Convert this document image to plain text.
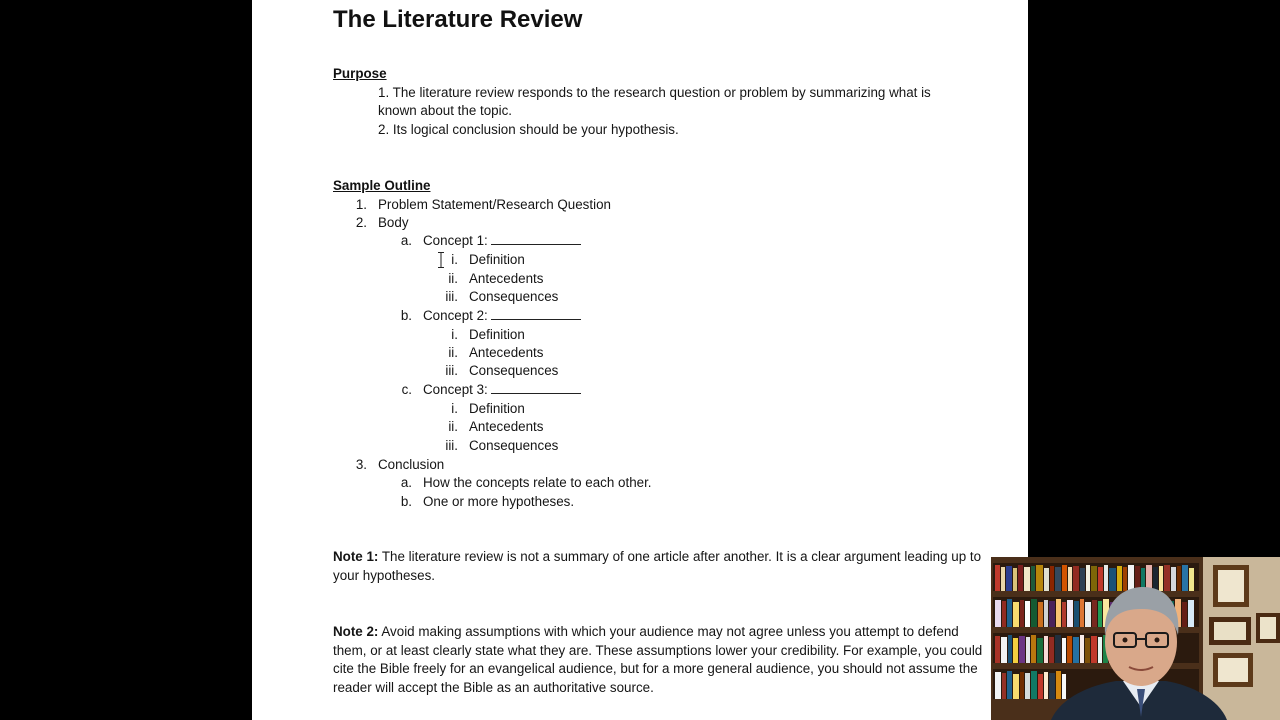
The Literature Review
Purpose
1. The literature review responds to the research question or problem by summarizing what is
known about the topic.
2. Its logical conclusion should be your hypothesis.
Sample Outline
1. Problem Statement/Research Question
2. Body
a. Concept 1:
i. Definition
ii. Antecedents
iii. Consequences
b. Concept 2:
i. Definition
ii. Antecedents
iii. Consequences
c. Concept 3:
i. Definition
ii. Antecedents
iii. Consequences
3. Conclusion
a. How the concepts relate to each other.
b. One or more hypotheses.
Note 1: The literature review is not a summary of one article after another. It is a clear argument leading up to your hypotheses.
Note 2: Avoid making assumptions with which your audience may not agree unless you attempt to defend them, or at least clearly state what they are. These assumptions lower your credibility. For example, you could cite the Bible freely for an evangelical audience, but for a more general audience, you should not assume the reader will accept the Bible as an authoritative source.
